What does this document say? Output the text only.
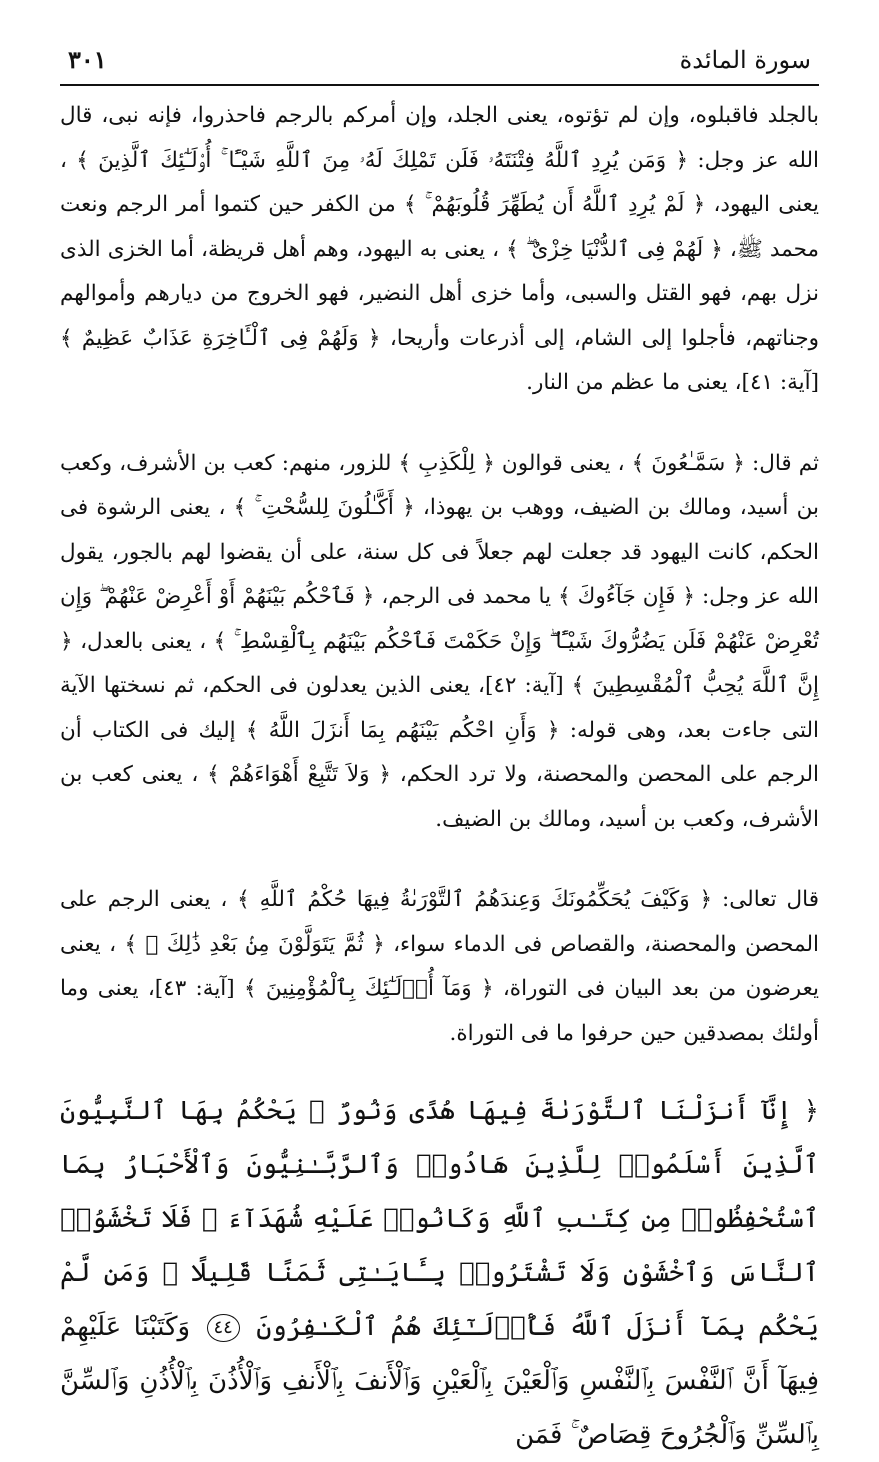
سورة المائدة
٣٠١

بالجلد فاقبلوه، وإن لم تؤتوه، يعنى الجلد، وإن أمركم بالرجم فاحذروا، فإنه نبى، قال الله عز وجل: ﴿ وَمَن يُرِدِ ٱللَّهُ فِتْنَتَهُۥ فَلَن تَمْلِكَ لَهُۥ مِنَ ٱللَّهِ شَيْـًٔا ۚ أُو۟لَـٰٓئِكَ ٱلَّذِينَ ﴾ ، يعنى اليهود، ﴿ لَمْ يُرِدِ ٱللَّهُ أَن يُطَهِّرَ قُلُوبَهُمْ ۚ ﴾ من الكفر حين كتموا أمر الرجم ونعت محمد ﷺ، ﴿ لَهُمْ فِى ٱلدُّنْيَا خِزْىٌ ۖ ﴾ ، يعنى به اليهود، وهم أهل قريظة، أما الخزى الذى نزل بهم، فهو القتل والسبى، وأما خزى أهل النضير، فهو الخروج من ديارهم وأموالهم وجناتهم، فأجلوا إلى الشام، إلى أذرعات وأريحا، ﴿ وَلَهُمْ فِى ٱلْـَٔاخِرَةِ عَذَابٌ عَظِيمٌ ﴾ [آية: ٤١]، يعنى ما عظم من النار.

ثم قال: ﴿ سَمَّـٰعُونَ ﴾ ، يعنى قوالون ﴿ لِلْكَذِبِ ﴾ للزور، منهم: كعب بن الأشرف، وكعب بن أسيد، ومالك بن الضيف، ووهب بن يهوذا، ﴿ أَكَّـٰلُونَ لِلسُّحْتِ ۚ ﴾ ، يعنى الرشوة فى الحكم، كانت اليهود قد جعلت لهم جعلاً فى كل سنة، على أن يقضوا لهم بالجور، يقول الله عز وجل: ﴿ فَإِن جَآءُوكَ ﴾ يا محمد فى الرجم، ﴿ فَٱحْكُم بَيْنَهُمْ أَوْ أَعْرِضْ عَنْهُمْ ۖ وَإِن تُعْرِضْ عَنْهُمْ فَلَن يَضُرُّوكَ شَيْـًٔا ۖ وَإِنْ حَكَمْتَ فَٱحْكُم بَيْنَهُم بِٱلْقِسْطِ ۚ ﴾ ، يعنى بالعدل، ﴿ إِنَّ ٱللَّهَ يُحِبُّ ٱلْمُقْسِطِينَ ﴾ [آية: ٤٢]، يعنى الذين يعدلون فى الحكم، ثم نسختها الآية التى جاءت بعد، وهى قوله: ﴿ وَأَنِ احْكُم بَيْنَهُم بِمَا أَنزَلَ اللَّهُ ﴾ إليك فى الكتاب أن الرجم على المحصن والمحصنة، ولا ترد الحكم، ﴿ وَلاَ تَتَّبِعْ أَهْوَاءَهُمْ ﴾ ، يعنى كعب بن الأشرف، وكعب بن أسيد، ومالك بن الضيف.

قال تعالى: ﴿ وَكَيْفَ يُحَكِّمُونَكَ وَعِندَهُمُ ٱلتَّوْرَىٰةُ فِيهَا حُكْمُ ٱللَّهِ ﴾ ، يعنى الرجم على المحصن والمحصنة، والقصاص فى الدماء سواء، ﴿ ثُمَّ يَتَوَلَّوْنَ مِنۢ بَعْدِ ذَٰلِكَ ۚ ﴾ ، يعنى يعرضون من بعد البيان فى التوراة، ﴿ وَمَآ أُو۟لَـٰٓئِكَ بِٱلْمُؤْمِنِينَ ﴾ [آية: ٤٣]، يعنى وما أولئك بمصدقين حين حرفوا ما فى التوراة.

﴿ إِنَّآ أَنزَلْنَا ٱلتَّوْرَىٰةَ فِيهَا هُدًى وَنُورٌ ۚ يَحْكُمُ بِهَا ٱلنَّبِيُّونَ ٱلَّذِينَ أَسْلَمُوا۟ لِلَّذِينَ هَادُوا۟ وَٱلرَّبَّـٰنِيُّونَ وَٱلْأَحْبَارُ بِمَا ٱسْتُحْفِظُوا۟ مِن كِتَـٰبِ ٱللَّهِ وَكَانُوا۟ عَلَيْهِ شُهَدَآءَ ۚ فَلَا تَخْشَوُا۟ ٱلنَّاسَ وَٱخْشَوْنِ وَلَا تَشْتَرُوا۟ بِـَٔايَـٰتِى ثَمَنًا قَلِيلًا ۚ وَمَن لَّمْ يَحْكُم بِمَآ أَنزَلَ ٱللَّهُ فَأُو۟لَـٰٓئِكَ هُمُ ٱلْكَـٰفِرُونَ ٤٤ وَكَتَبْنَا عَلَيْهِمْ فِيهَآ أَنَّ ٱلنَّفْسَ بِٱلنَّفْسِ وَٱلْعَيْنَ بِٱلْعَيْنِ وَٱلْأَنفَ بِٱلْأَنفِ وَٱلْأُذُنَ بِٱلْأُذُنِ وَٱلسِّنَّ بِٱلسِّنِّ وَٱلْجُرُوحَ قِصَاصٌ ۚ فَمَن
